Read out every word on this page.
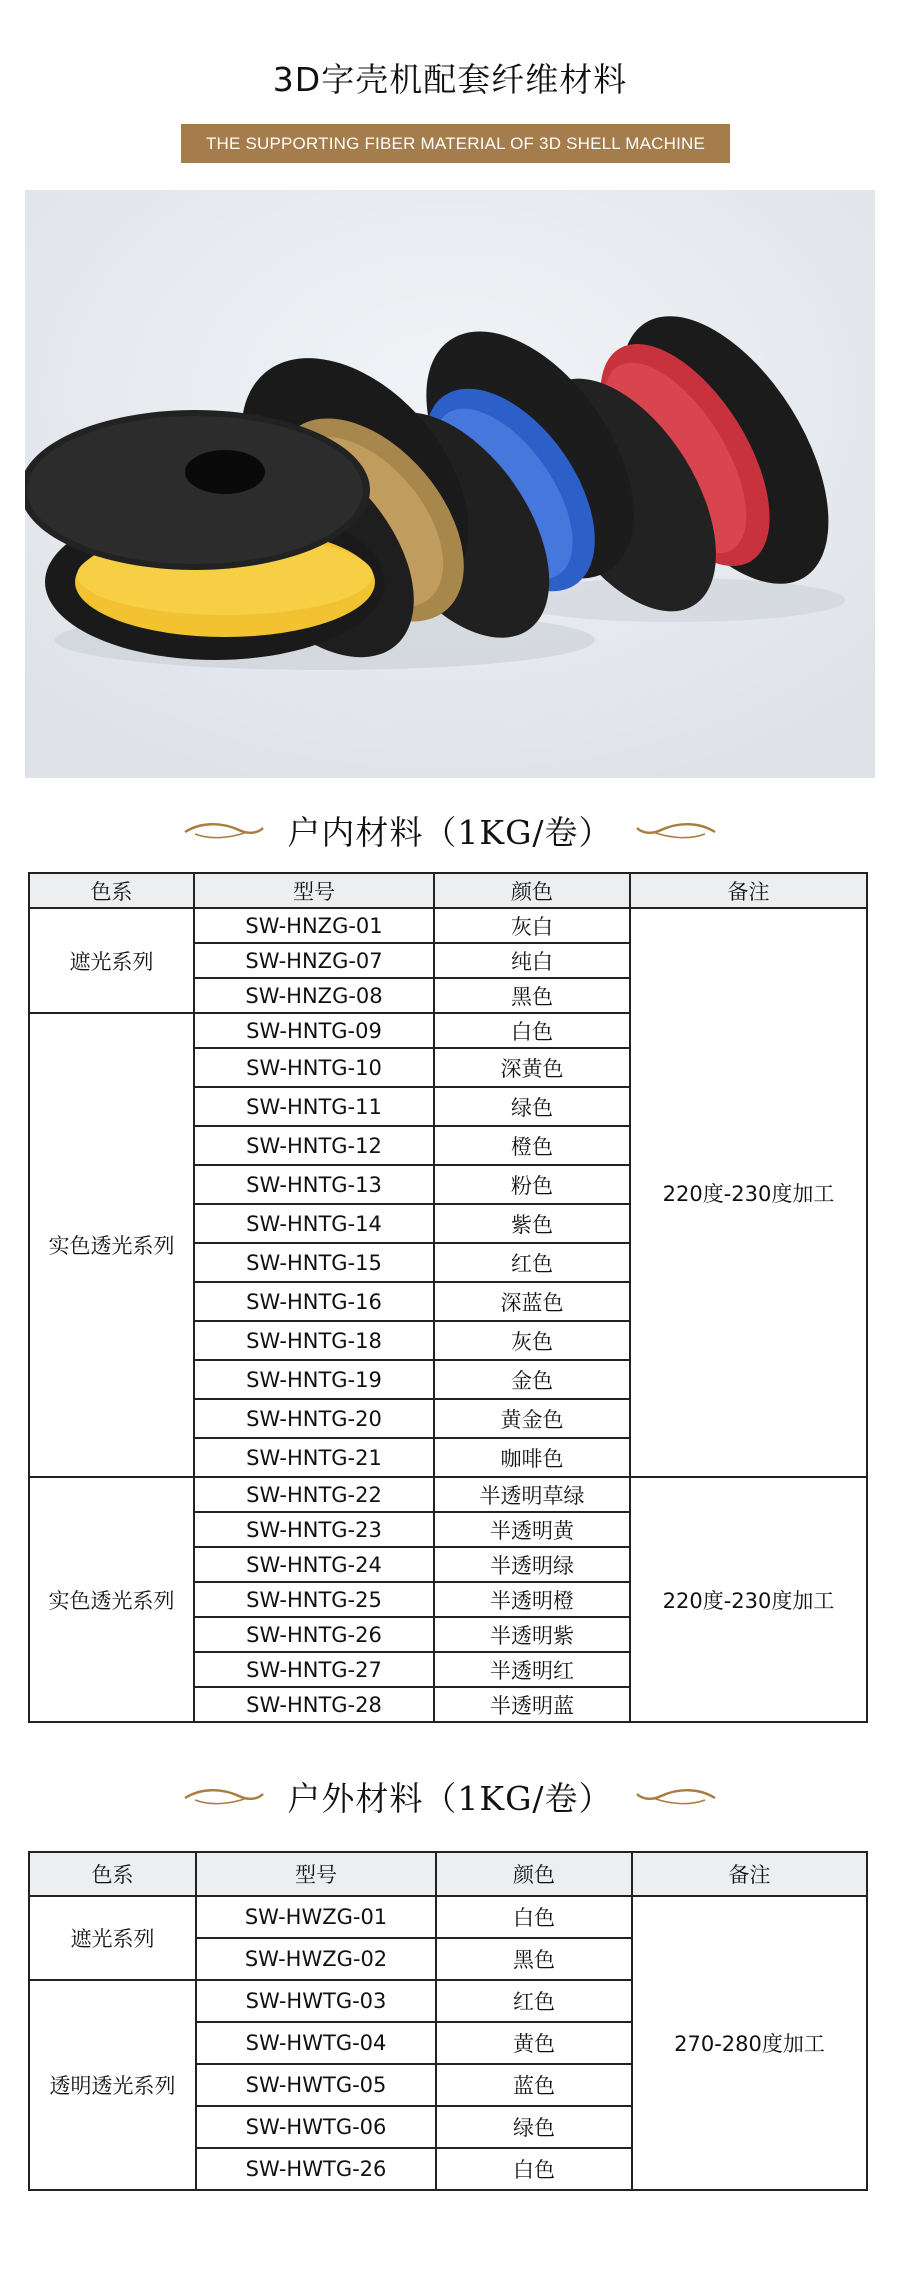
3D字壳机配套纤维材料
THE SUPPORTING FIBER MATERIAL OF 3D SHELL MACHINE
户内材料（1KG/卷）
色系	型号	颜色	备注
遮光系列	SW-HNZG-01	灰白	220度-230度加工
	SW-HNZG-07	纯白	
	SW-HNZG-08	黑色	
实色透光系列	SW-HNTG-09	白色	
	SW-HNTG-10	深黄色	
	SW-HNTG-11	绿色	
	SW-HNTG-12	橙色	
	SW-HNTG-13	粉色	
	SW-HNTG-14	紫色	
	SW-HNTG-15	红色	
	SW-HNTG-16	深蓝色	
	SW-HNTG-18	灰色	
	SW-HNTG-19	金色	
	SW-HNTG-20	黄金色	
	SW-HNTG-21	咖啡色	
实色透光系列	SW-HNTG-22	半透明草绿	220度-230度加工
	SW-HNTG-23	半透明黄	
	SW-HNTG-24	半透明绿	
	SW-HNTG-25	半透明橙	
	SW-HNTG-26	半透明紫	
	SW-HNTG-27	半透明红	
	SW-HNTG-28	半透明蓝	
户外材料（1KG/卷）
色系	型号	颜色	备注
遮光系列	SW-HWZG-01	白色	270-280度加工
	SW-HWZG-02	黑色	
透明透光系列	SW-HWTG-03	红色	
	SW-HWTG-04	黄色	
	SW-HWTG-05	蓝色	
	SW-HWTG-06	绿色	
	SW-HWTG-26	白色	
